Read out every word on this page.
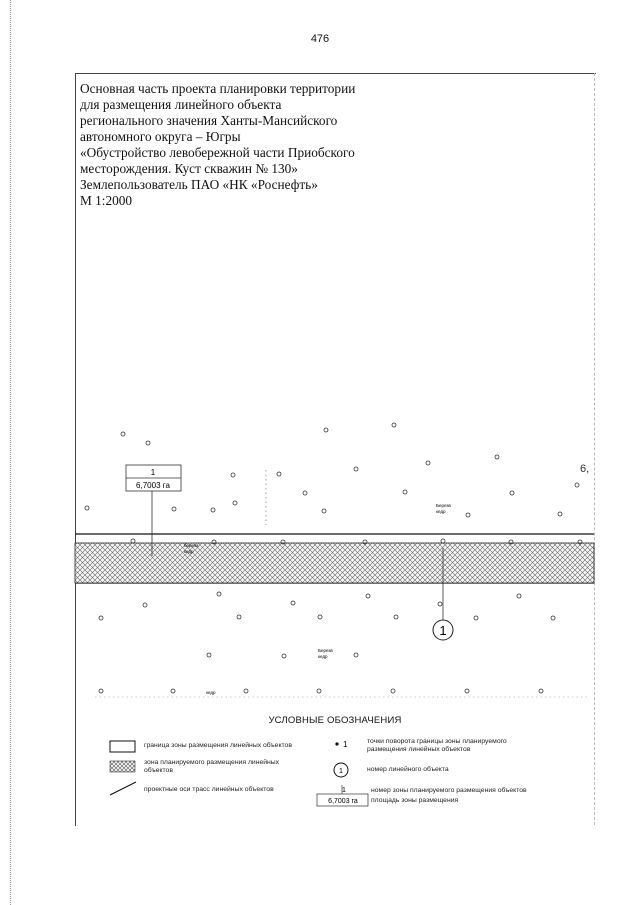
476
Основная часть проекта планировки территории
для размещения линейного объекта
регионального значения Ханты-Мансийского
автономного округа – Югры
«Обустройство левобережной части Приобского
месторождения. Куст скважин № 130»
Землепользователь ПАО «НК «Роснефть»
М 1:2000
1
6,7003 га
6,
Березв
кедр
береза
кедр
Березв
кедр
кедр
1
1
1
1
6,7003 га
УСЛОВНЫЕ ОБОЗНАЧЕНИЯ
граница зоны размещения линейных объектов
зона планируемого размещения линейных
объектов
проектные оси трасс линейных объектов
точки поворота границы зоны планируемого
размещения линейных объектов
номер линейного объекта
номер зоны планируемого размещения объектов
площадь зоны размещения
